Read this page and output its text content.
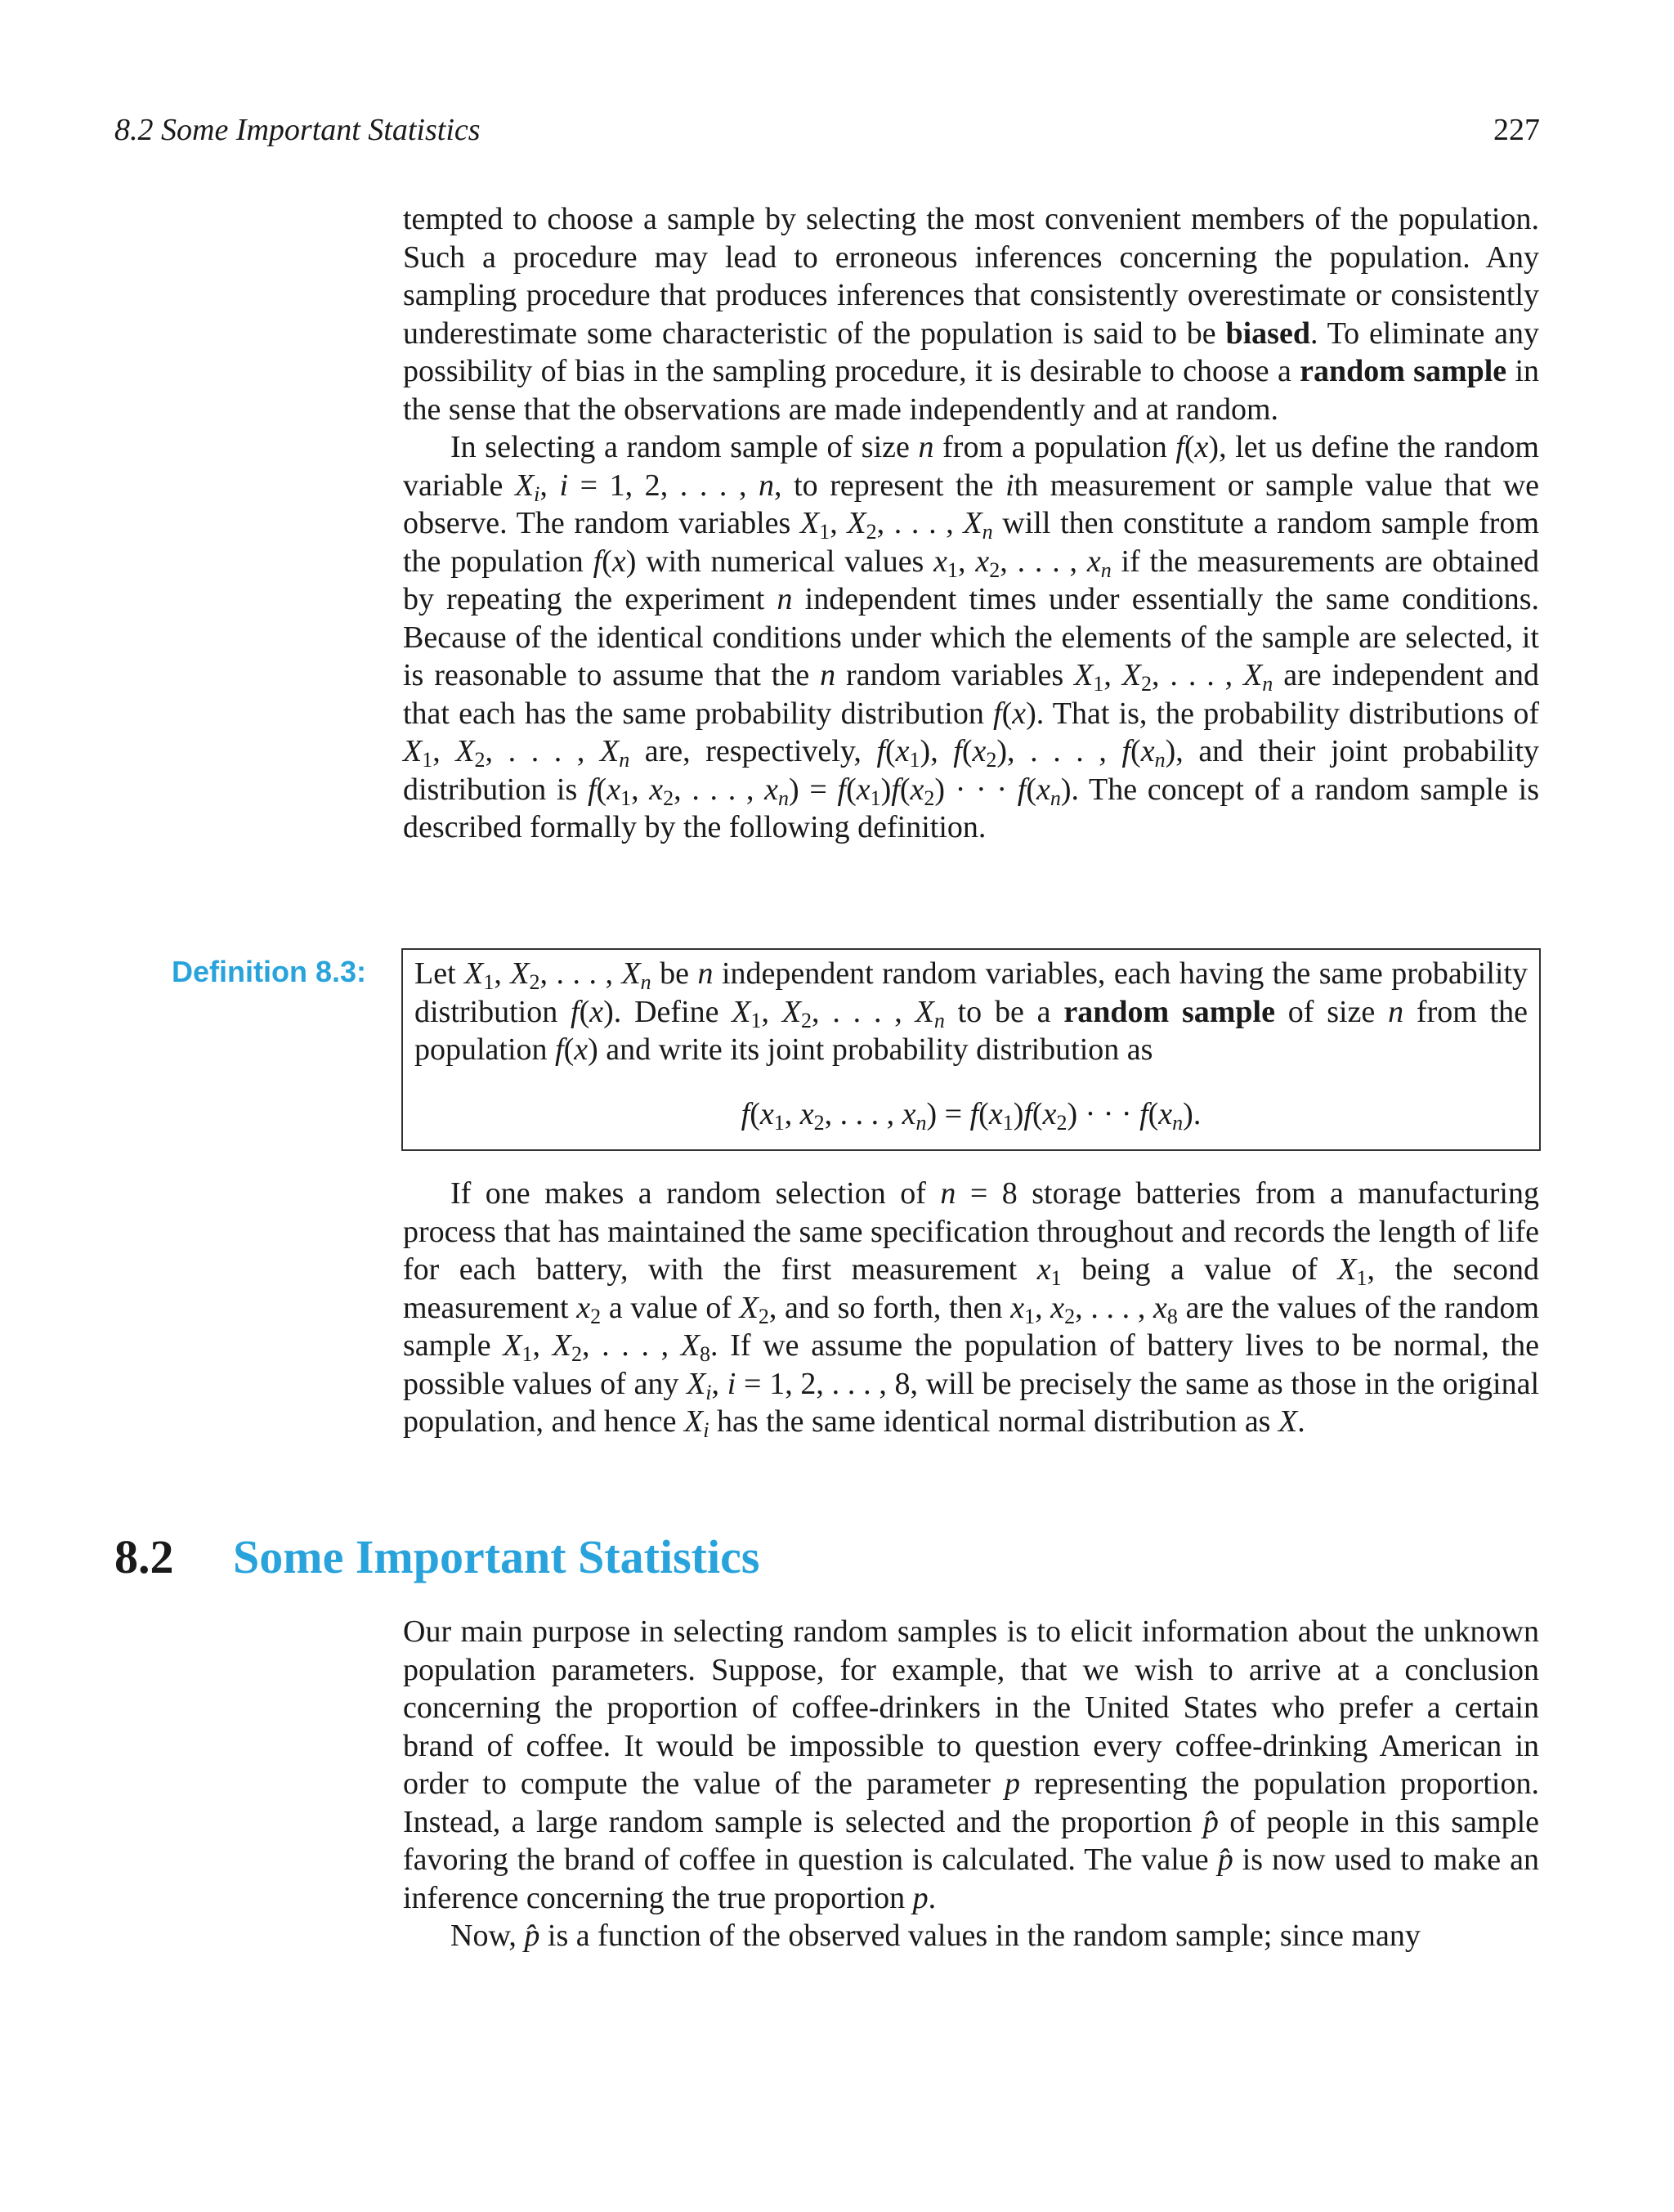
8.2 Some Important Statistics	227

tempted to choose a sample by selecting the most convenient members of the population. Such a procedure may lead to erroneous inferences concerning the population. Any sampling procedure that produces inferences that consistently overestimate or consistently underestimate some characteristic of the population is said to be biased. To eliminate any possibility of bias in the sampling procedure, it is desirable to choose a random sample in the sense that the observations are made independently and at random.

In selecting a random sample of size n from a population f(x), let us define the random variable $X_i$, i = 1, 2, . . . , n, to represent the ith measurement or sample value that we observe. The random variables $X_1$, $X_2$, . . . , $X_n$ will then constitute a random sample from the population f(x) with numerical values $x_1$, $x_2$, . . . , $x_n$ if the measurements are obtained by repeating the experiment n independent times under essentially the same conditions. Because of the identical conditions under which the elements of the sample are selected, it is reasonable to assume that the n random variables $X_1$, $X_2$, . . . , $X_n$ are independent and that each has the same probability distribution f(x). That is, the probability distributions of $X_1$, $X_2$, . . . , $X_n$ are, respectively, $f(x_1)$, $f(x_2)$, . . . , $f(x_n)$, and their joint probability distribution is $f(x_1$, $x_2$, . . . , $x_n) = f(x_1)f(x_2)$ · · · $f(x_n)$. The concept of a random sample is described formally by the following definition.

Definition 8.3: Let $X_1$, $X_2$, . . . , $X_n$ be n independent random variables, each having the same probability distribution f(x). Define $X_1$, $X_2$, . . . , $X_n$ to be a random sample of size n from the population f(x) and write its joint probability distribution as

$f(x_1$, $x_2$, . . . , $x_n) = f(x_1)f(x_2)$ · · · $f(x_n)$.

If one makes a random selection of n = 8 storage batteries from a manufacturing process that has maintained the same specification throughout and records the length of life for each battery, with the first measurement $x_1$ being a value of $X_1$, the second measurement $x_2$ a value of $X_2$, and so forth, then $x_1$, $x_2$, . . . , $x_8$ are the values of the random sample $X_1$, $X_2$, . . . , $X_8$. If we assume the population of battery lives to be normal, the possible values of any $X_i$, i = 1, 2, . . . , 8, will be precisely the same as those in the original population, and hence $X_i$ has the same identical normal distribution as X.

8.2 Some Important Statistics

Our main purpose in selecting random samples is to elicit information about the unknown population parameters. Suppose, for example, that we wish to arrive at a conclusion concerning the proportion of coffee-drinkers in the United States who prefer a certain brand of coffee. It would be impossible to question every coffee-drinking American in order to compute the value of the parameter p representing the population proportion. Instead, a large random sample is selected and the proportion p̂ of people in this sample favoring the brand of coffee in question is calculated. The value p̂ is now used to make an inference concerning the true proportion p.

Now, p̂ is a function of the observed values in the random sample; since many
